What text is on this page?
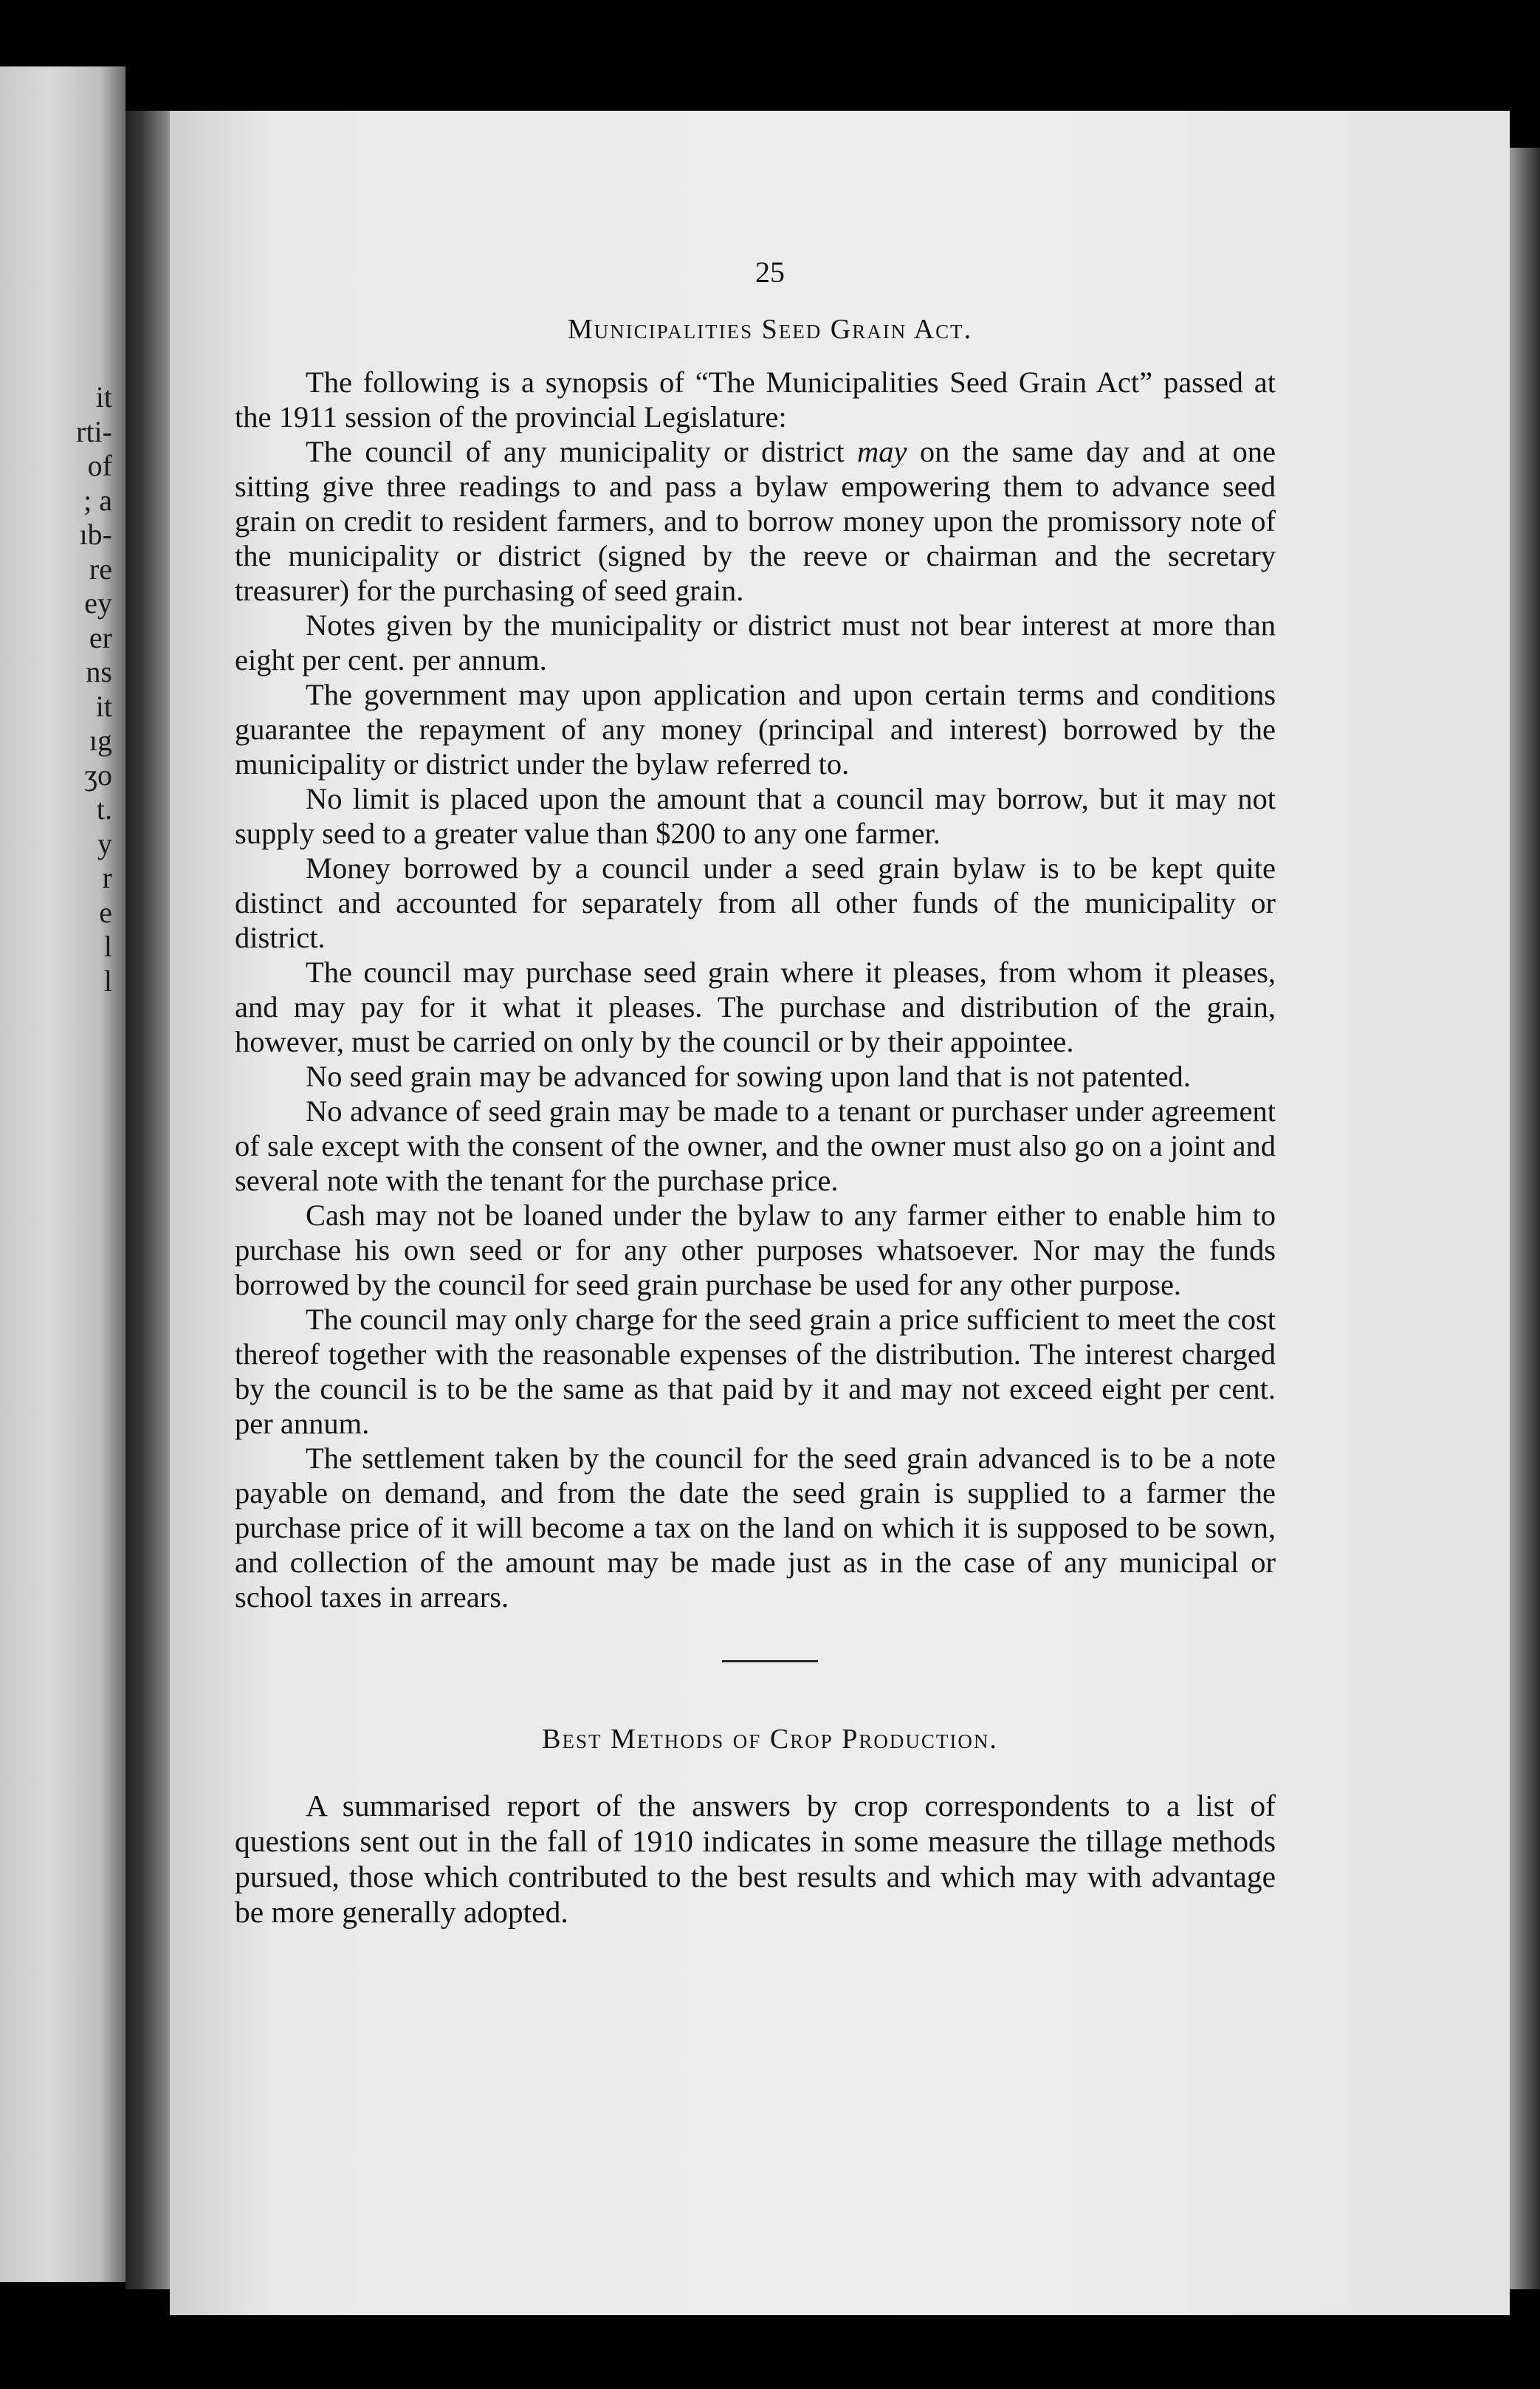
it
rti-
of
; a
ıb-
re
ey
er
ns
it
ıg
ʒo
t.
y
r
e
l
l
25
Municipalities Seed Grain Act.

The following is a synopsis of “The Municipalities Seed Grain Act” passed at the 1911 session of the provincial Legislature:

The council of any municipality or district may on the same day and at one sitting give three readings to and pass a bylaw empowering them to advance seed grain on credit to resident farmers, and to borrow money upon the promissory note of the municipality or district (signed by the reeve or chairman and the secretary treasurer) for the purchasing of seed grain.

Notes given by the municipality or district must not bear interest at more than eight per cent. per annum.

The government may upon application and upon certain terms and conditions guarantee the repayment of any money (principal and interest) borrowed by the municipality or district under the bylaw referred to.

No limit is placed upon the amount that a council may borrow, but it may not supply seed to a greater value than $200 to any one farmer.

Money borrowed by a council under a seed grain bylaw is to be kept quite distinct and accounted for separately from all other funds of the municipality or district.

The council may purchase seed grain where it pleases, from whom it pleases, and may pay for it what it pleases. The purchase and distribution of the grain, however, must be carried on only by the council or by their appointee.

No seed grain may be advanced for sowing upon land that is not patented.

No advance of seed grain may be made to a tenant or purchaser under agreement of sale except with the consent of the owner, and the owner must also go on a joint and several note with the tenant for the purchase price.

Cash may not be loaned under the bylaw to any farmer either to enable him to purchase his own seed or for any other purposes whatsoever. Nor may the funds borrowed by the council for seed grain purchase be used for any other purpose.

The council may only charge for the seed grain a price sufficient to meet the cost thereof together with the reasonable expenses of the distribution. The interest charged by the council is to be the same as that paid by it and may not exceed eight per cent. per annum.

The settlement taken by the council for the seed grain advanced is to be a note payable on demand, and from the date the seed grain is supplied to a farmer the purchase price of it will become a tax on the land on which it is supposed to be sown, and collection of the amount may be made just as in the case of any municipal or school taxes in arrears.

Best Methods of Crop Production.

A summarised report of the answers by crop correspondents to a list of questions sent out in the fall of 1910 indicates in some measure the tillage methods pursued, those which contributed to the best results and which may with advantage be more generally adopted.
